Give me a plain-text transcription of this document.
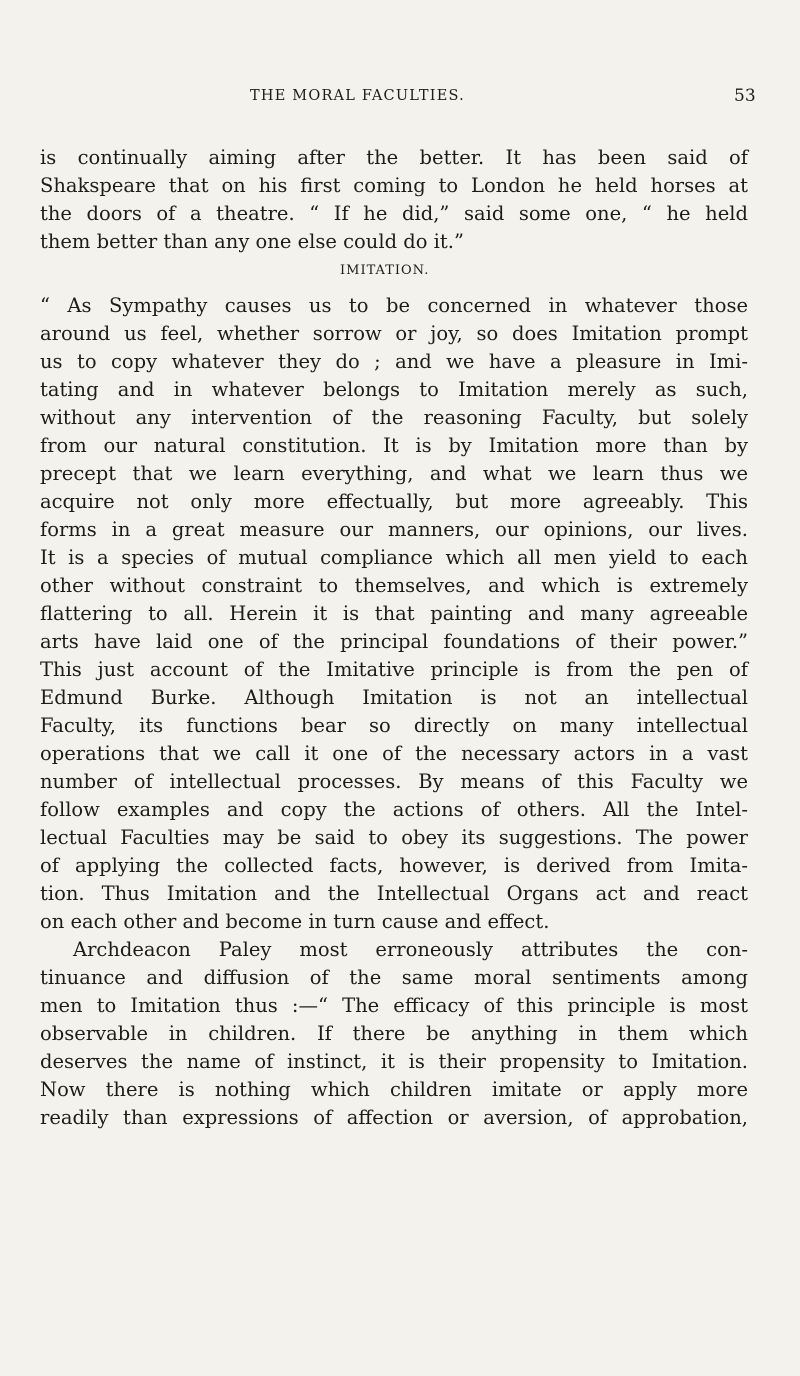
THE MORAL FACULTIES.	53
is continually aiming after the better. It has been said of
Shakspeare that on his first coming to London he held horses at
the doors of a theatre. “ If he did,” said some one, “ he held
them better than any one else could do it.”
IMITATION.
“ As Sympathy causes us to be concerned in whatever those
around us feel, whether sorrow or joy, so does Imitation prompt
us to copy whatever they do ; and we have a pleasure in Imi-
tating and in whatever belongs to Imitation merely as such,
without any intervention of the reasoning Faculty, but solely
from our natural constitution. It is by Imitation more than by
precept that we learn everything, and what we learn thus we
acquire not only more effectually, but more agreeably. This
forms in a great measure our manners, our opinions, our lives.
It is a species of mutual compliance which all men yield to each
other without constraint to themselves, and which is extremely
flattering to all. Herein it is that painting and many agreeable
arts have laid one of the principal foundations of their power.”
This just account of the Imitative principle is from the pen of
Edmund Burke. Although Imitation is not an intellectual
Faculty, its functions bear so directly on many intellectual
operations that we call it one of the necessary actors in a vast
number of intellectual processes. By means of this Faculty we
follow examples and copy the actions of others. All the Intel-
lectual Faculties may be said to obey its suggestions. The power
of applying the collected facts, however, is derived from Imita-
tion. Thus Imitation and the Intellectual Organs act and react
on each other and become in turn cause and effect.
Archdeacon Paley most erroneously attributes the con-
tinuance and diffusion of the same moral sentiments among
men to Imitation thus :—“ The efficacy of this principle is most
observable in children. If there be anything in them which
deserves the name of instinct, it is their propensity to Imitation.
Now there is nothing which children imitate or apply more
readily than expressions of affection or aversion, of approbation,
